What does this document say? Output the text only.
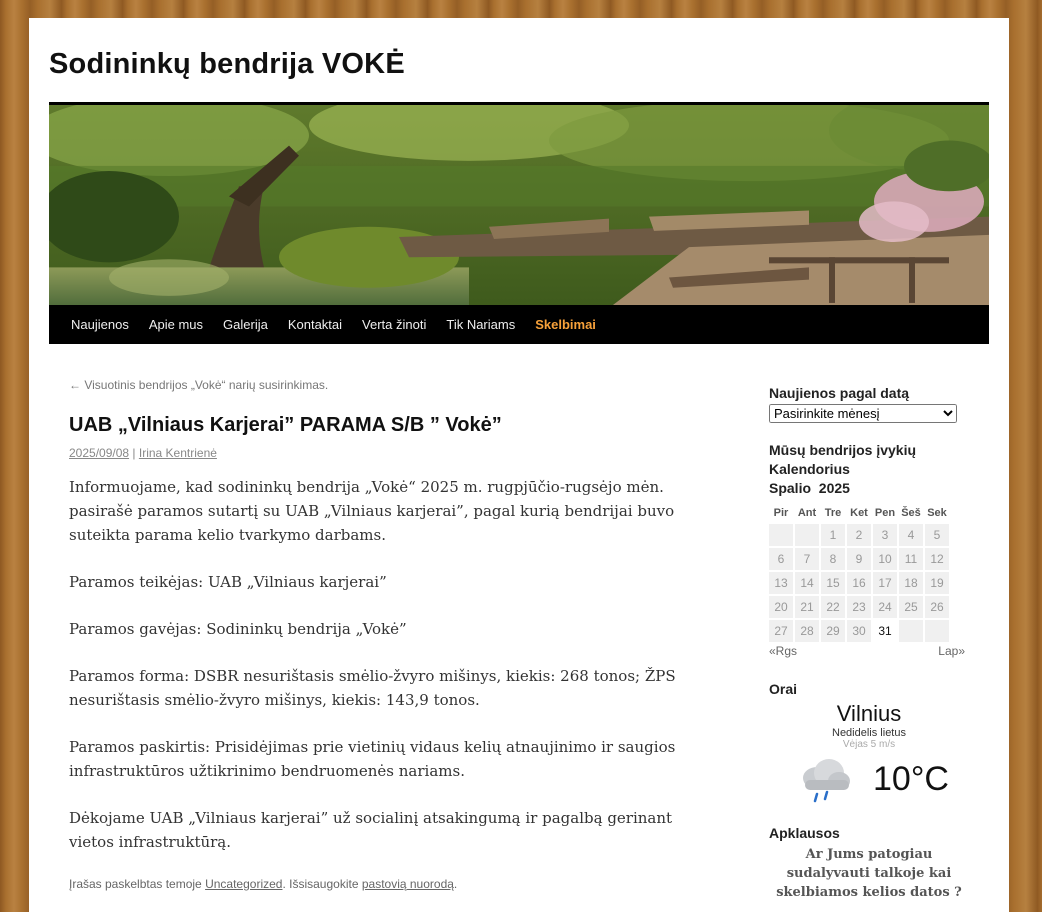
Sodininkų bendrija VOKĖ
Naujienos	Apie mus	Galerija	Kontaktai	Verta žinoti	Tik Nariams	Skelbimai
← Visuotinis bendrijos „Vokė“ narių susirinkimas.
UAB „Vilniaus Karjerai” PARAMA S/B ” Vokė”
2025/09/08 | Irina Kentrienė

Informuojame, kad sodininkų bendrija „Vokė“ 2025 m. rugpjūčio-rugsėjo mėn. pasirašė paramos sutartį su UAB „Vilniaus karjerai”, pagal kurią bendrijai buvo suteikta parama kelio tvarkymo darbams.

Paramos teikėjas: UAB „Vilniaus karjerai”

Paramos gavėjas: Sodininkų bendrija „Vokė”

Paramos forma: DSBR nesurištasis smėlio-žvyro mišinys, kiekis: 268 tonos; ŽPS nesurištasis smėlio-žvyro mišinys, kiekis: 143,9 tonos.

Paramos paskirtis: Prisidėjimas prie vietinių vidaus kelių atnaujinimo ir saugios infrastruktūros užtikrinimo bendruomenės nariams.

Dėkojame UAB „Vilniaus karjerai” už socialinį atsakingumą ir pagalbą gerinant vietos infrastruktūrą.

Įrašas paskelbtas temoje Uncategorized. Išsisaugokite pastovią nuorodą.
Naujienos pagal datą
Pasirinkite mėnesį
Mūsų bendrijos įvykių Kalendorius
Spalio  2025
Pir	Ant	Tre	Ket	Pen	Šeš	Sek
		1	2	3	4	5
6	7	8	9	10	11	12
13	14	15	16	17	18	19
20	21	22	23	24	25	26
27	28	29	30	31		
«Rgs	Lap»
Orai
Vilnius
Nedidelis lietus
Vėjas 5 m/s
10°C
Apklausos
Ar Jums patogiau sudalyvauti talkoje kai skelbiamos kelios datos ?
